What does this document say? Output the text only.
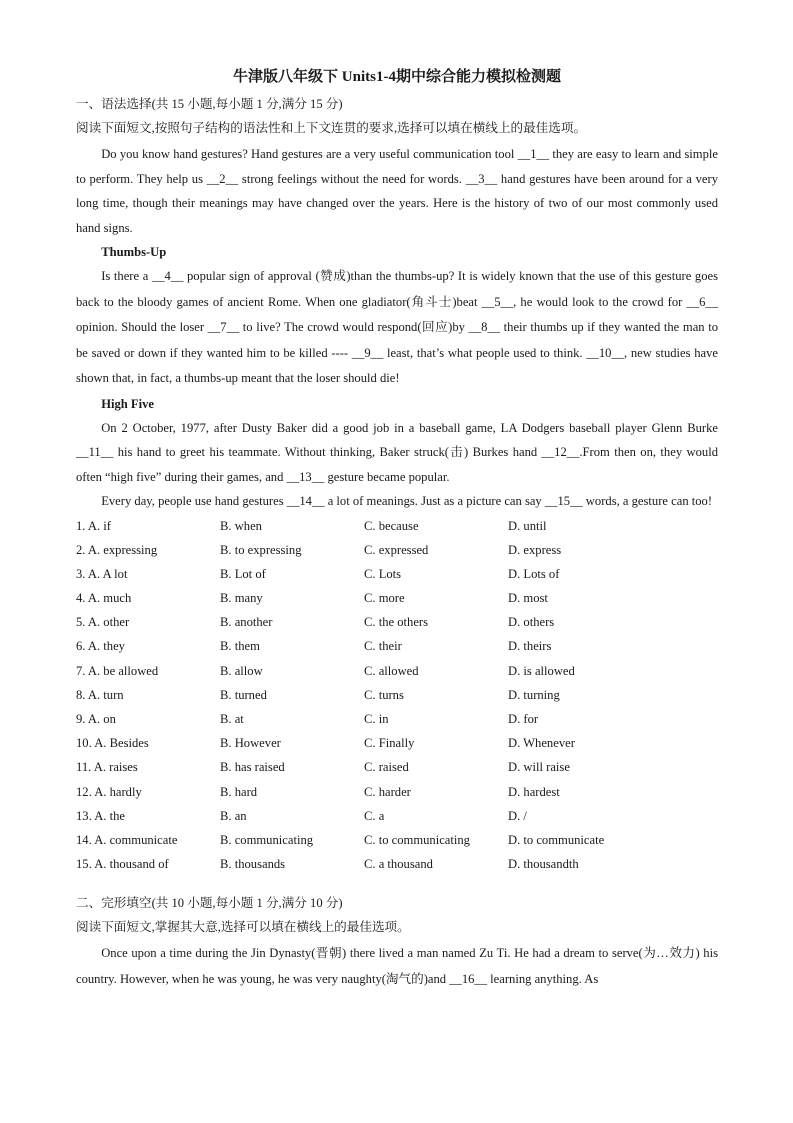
牛津版八年级下 Units1-4期中综合能力模拟检测题
一、语法选择(共 15 小题,每小题 1 分,满分 15 分)
阅读下面短文,按照句子结构的语法性和上下文连贯的要求,选择可以填在横线上的最佳选项。

Do you know hand gestures? Hand gestures are a very useful communication tool __1__ they are easy to learn and simple to perform. They help us __2__ strong feelings without the need for words. __3__ hand gestures have been around for a very long time, though their meanings may have changed over the years. Here is the history of two of our most commonly used hand signs.

Thumbs-Up

Is there a __4__ popular sign of approval (赞成)than the thumbs-up? It is widely known that the use of this gesture goes back to the bloody games of ancient Rome. When one gladiator(角斗士)beat __5__, he would look to the crowd for __6__ opinion. Should the loser __7__ to live? The crowd would respond(回应)by __8__ their thumbs up if they wanted the man to be saved or down if they wanted him to be killed ---- __9__ least, that’s what people used to think. __10__, new studies have shown that, in fact, a thumbs-up meant that the loser should die!

High Five

On 2 October, 1977, after Dusty Baker did a good job in a baseball game, LA Dodgers baseball player Glenn Burke __11__ his hand to greet his teammate. Without thinking, Baker struck(击) Burkes hand __12__.From then on, they would often “high five” during their games, and __13__ gesture became popular.

Every day, people use hand gestures __14__ a lot of meanings. Just as a picture can say __15__ words, a gesture can too!

1. A. if	B. when	C. because	D. until
2. A. expressing	B. to expressing	C. expressed	D. express
3. A. A lot	B. Lot of	C. Lots	D. Lots of
4. A. much	B. many	C. more	D. most
5. A. other	B. another	C. the others	D. others
6. A. they	B. them	C. their	D. theirs
7. A. be allowed	B. allow	C. allowed	D. is allowed
8. A. turn	B. turned	C. turns	D. turning
9. A. on	B. at	C. in	D. for
10. A. Besides	B. However	C. Finally	D. Whenever
11. A. raises	B. has raised	C. raised	D. will raise
12. A. hardly	B. hard	C. harder	D. hardest
13. A. the	B. an	C. a	D. /
14. A. communicate	B. communicating	C. to communicating	D. to communicate
15. A. thousand of	B. thousands	C. a thousand	D. thousandth
二、完形填空(共 10 小题,每小题 1 分,满分 10 分)
阅读下面短文,掌握其大意,选择可以填在横线上的最佳选项。

Once upon a time during the Jin Dynasty(晋朝) there lived a man named Zu Ti. He had a dream to serve(为…效力) his country. However, when he was young, he was very naughty(淘气的)and __16__ learning anything. As
